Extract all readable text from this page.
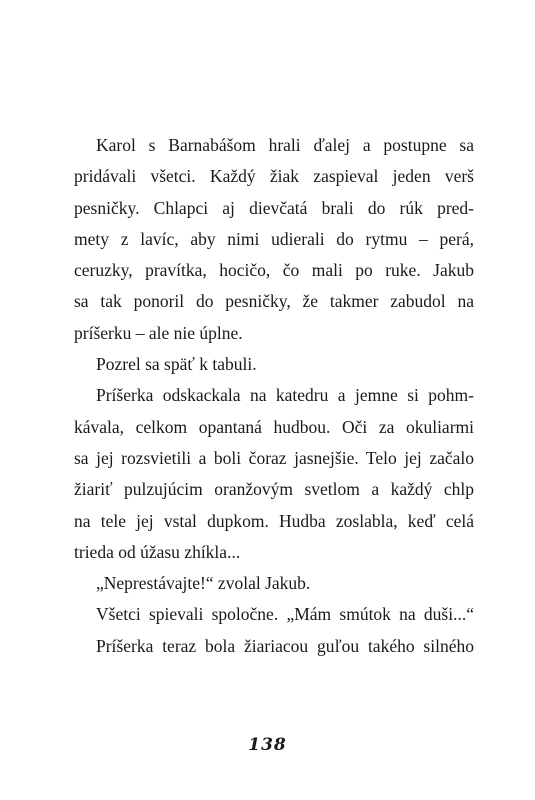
Karol s Barnabášom hrali ďalej a postupne sa
pridávali všetci. Každý žiak zaspieval jeden verš
pesničky. Chlapci aj dievčatá brali do rúk pred-
mety z lavíc, aby nimi udierali do rytmu – perá,
ceruzky, pravítka, hocičo, čo mali po ruke. Jakub
sa tak ponoril do pesničky, že takmer zabudol na
príšerku – ale nie úplne.
Pozrel sa späť k tabuli.
Príšerka odskackala na katedru a jemne si pohm-
kávala, celkom opantaná hudbou. Oči za okuliarmi
sa jej rozsvietili a boli čoraz jasnejšie. Telo jej začalo
žiariť pulzujúcim oranžovým svetlom a každý chlp
na tele jej vstal dupkom. Hudba zoslabla, keď celá
trieda od úžasu zhíkla...
„Neprestávajte!“ zvolal Jakub.
Všetci spievali spoločne. „Mám smútok na duši...“
Príšerka teraz bola žiariacou guľou takého silného
138
